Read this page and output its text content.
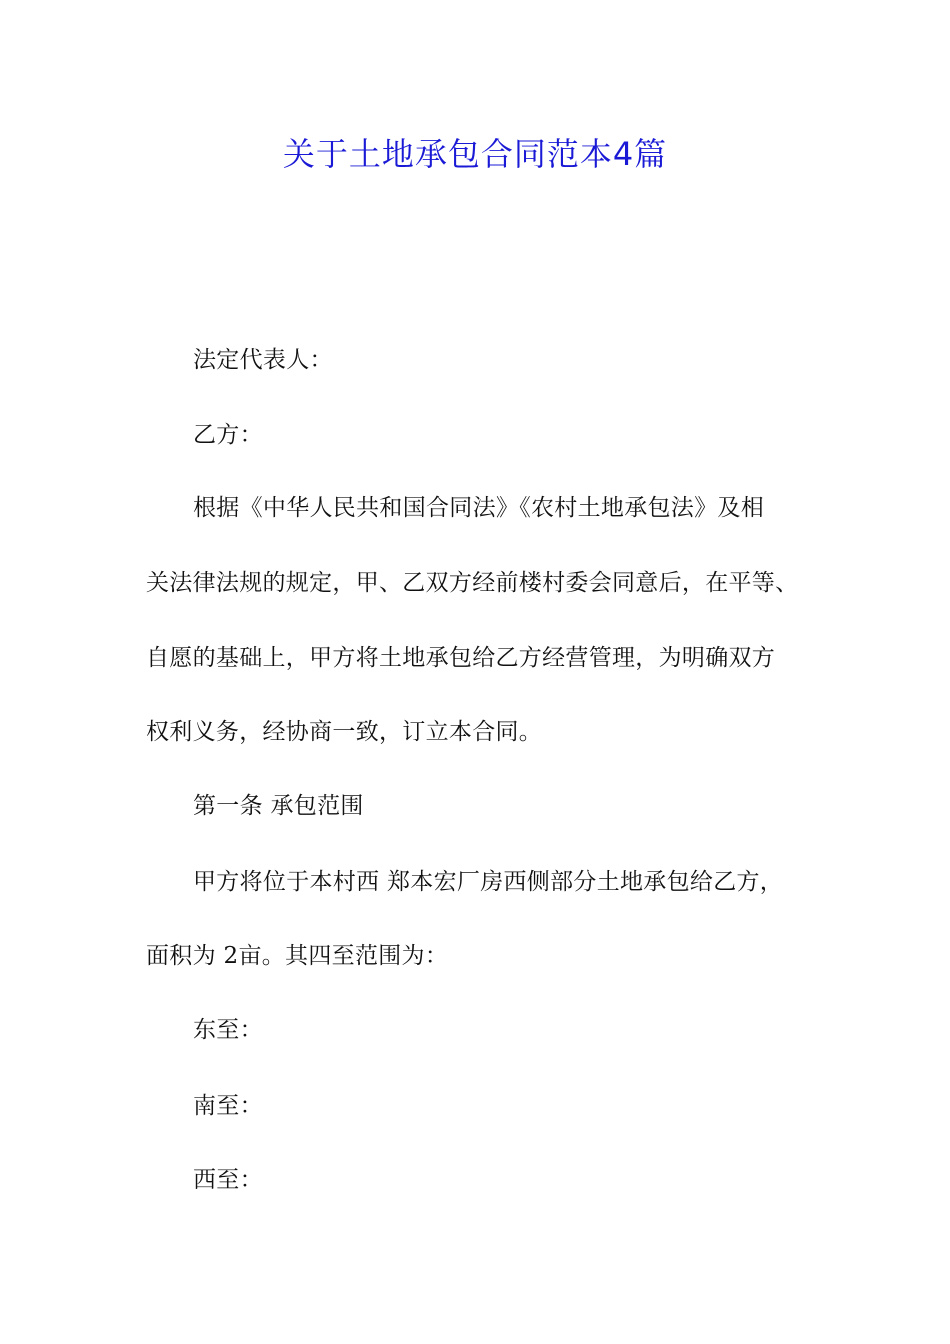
关于土地承包合同范本4篇
法定代表人：
乙方：
根据《中华人民共和国合同法》《农村土地承包法》及相
关法律法规的规定，甲、乙双方经前楼村委会同意后，在平等、
自愿的基础上，甲方将土地承包给乙方经营管理，为明确双方
权利义务，经协商一致，订立本合同。
第一条 承包范围
甲方将位于本村西 郑本宏厂房西侧部分土地承包给乙方，
面积为 2亩。其四至范围为：
东至：
南至：
西至：
